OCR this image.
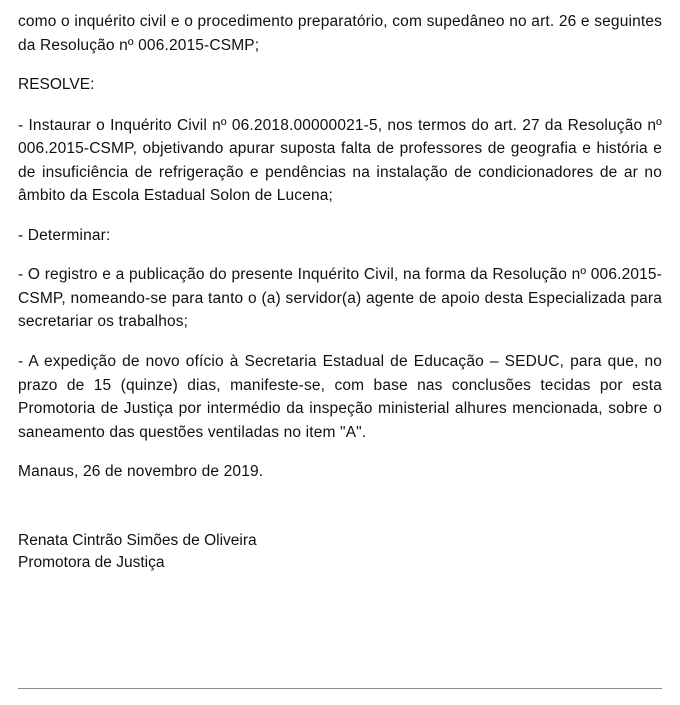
como o inquérito civil e o procedimento preparatório, com supedâneo no art. 26 e seguintes da Resolução nº 006.2015-CSMP;

RESOLVE:

- Instaurar o Inquérito Civil nº 06.2018.00000021-5, nos termos do art. 27 da Resolução nº 006.2015-CSMP, objetivando apurar suposta falta de professores de geografia e história e de insuficiência de refrigeração e pendências na instalação de condicionadores de ar no âmbito da Escola Estadual Solon de Lucena;

- Determinar:

- O registro e a publicação do presente Inquérito Civil, na forma da Resolução nº 006.2015-CSMP, nomeando-se para tanto o (a) servidor(a) agente de apoio desta Especializada para secretariar os trabalhos;

- A expedição de novo ofício à Secretaria Estadual de Educação – SEDUC, para que, no prazo de 15 (quinze) dias, manifeste-se, com base nas conclusões tecidas por esta Promotoria de Justiça por intermédio da inspeção ministerial alhures mencionada, sobre o saneamento das questões ventiladas no item "A".

Manaus, 26 de novembro de 2019.

Renata Cintrão Simões de Oliveira

Promotora de Justiça
